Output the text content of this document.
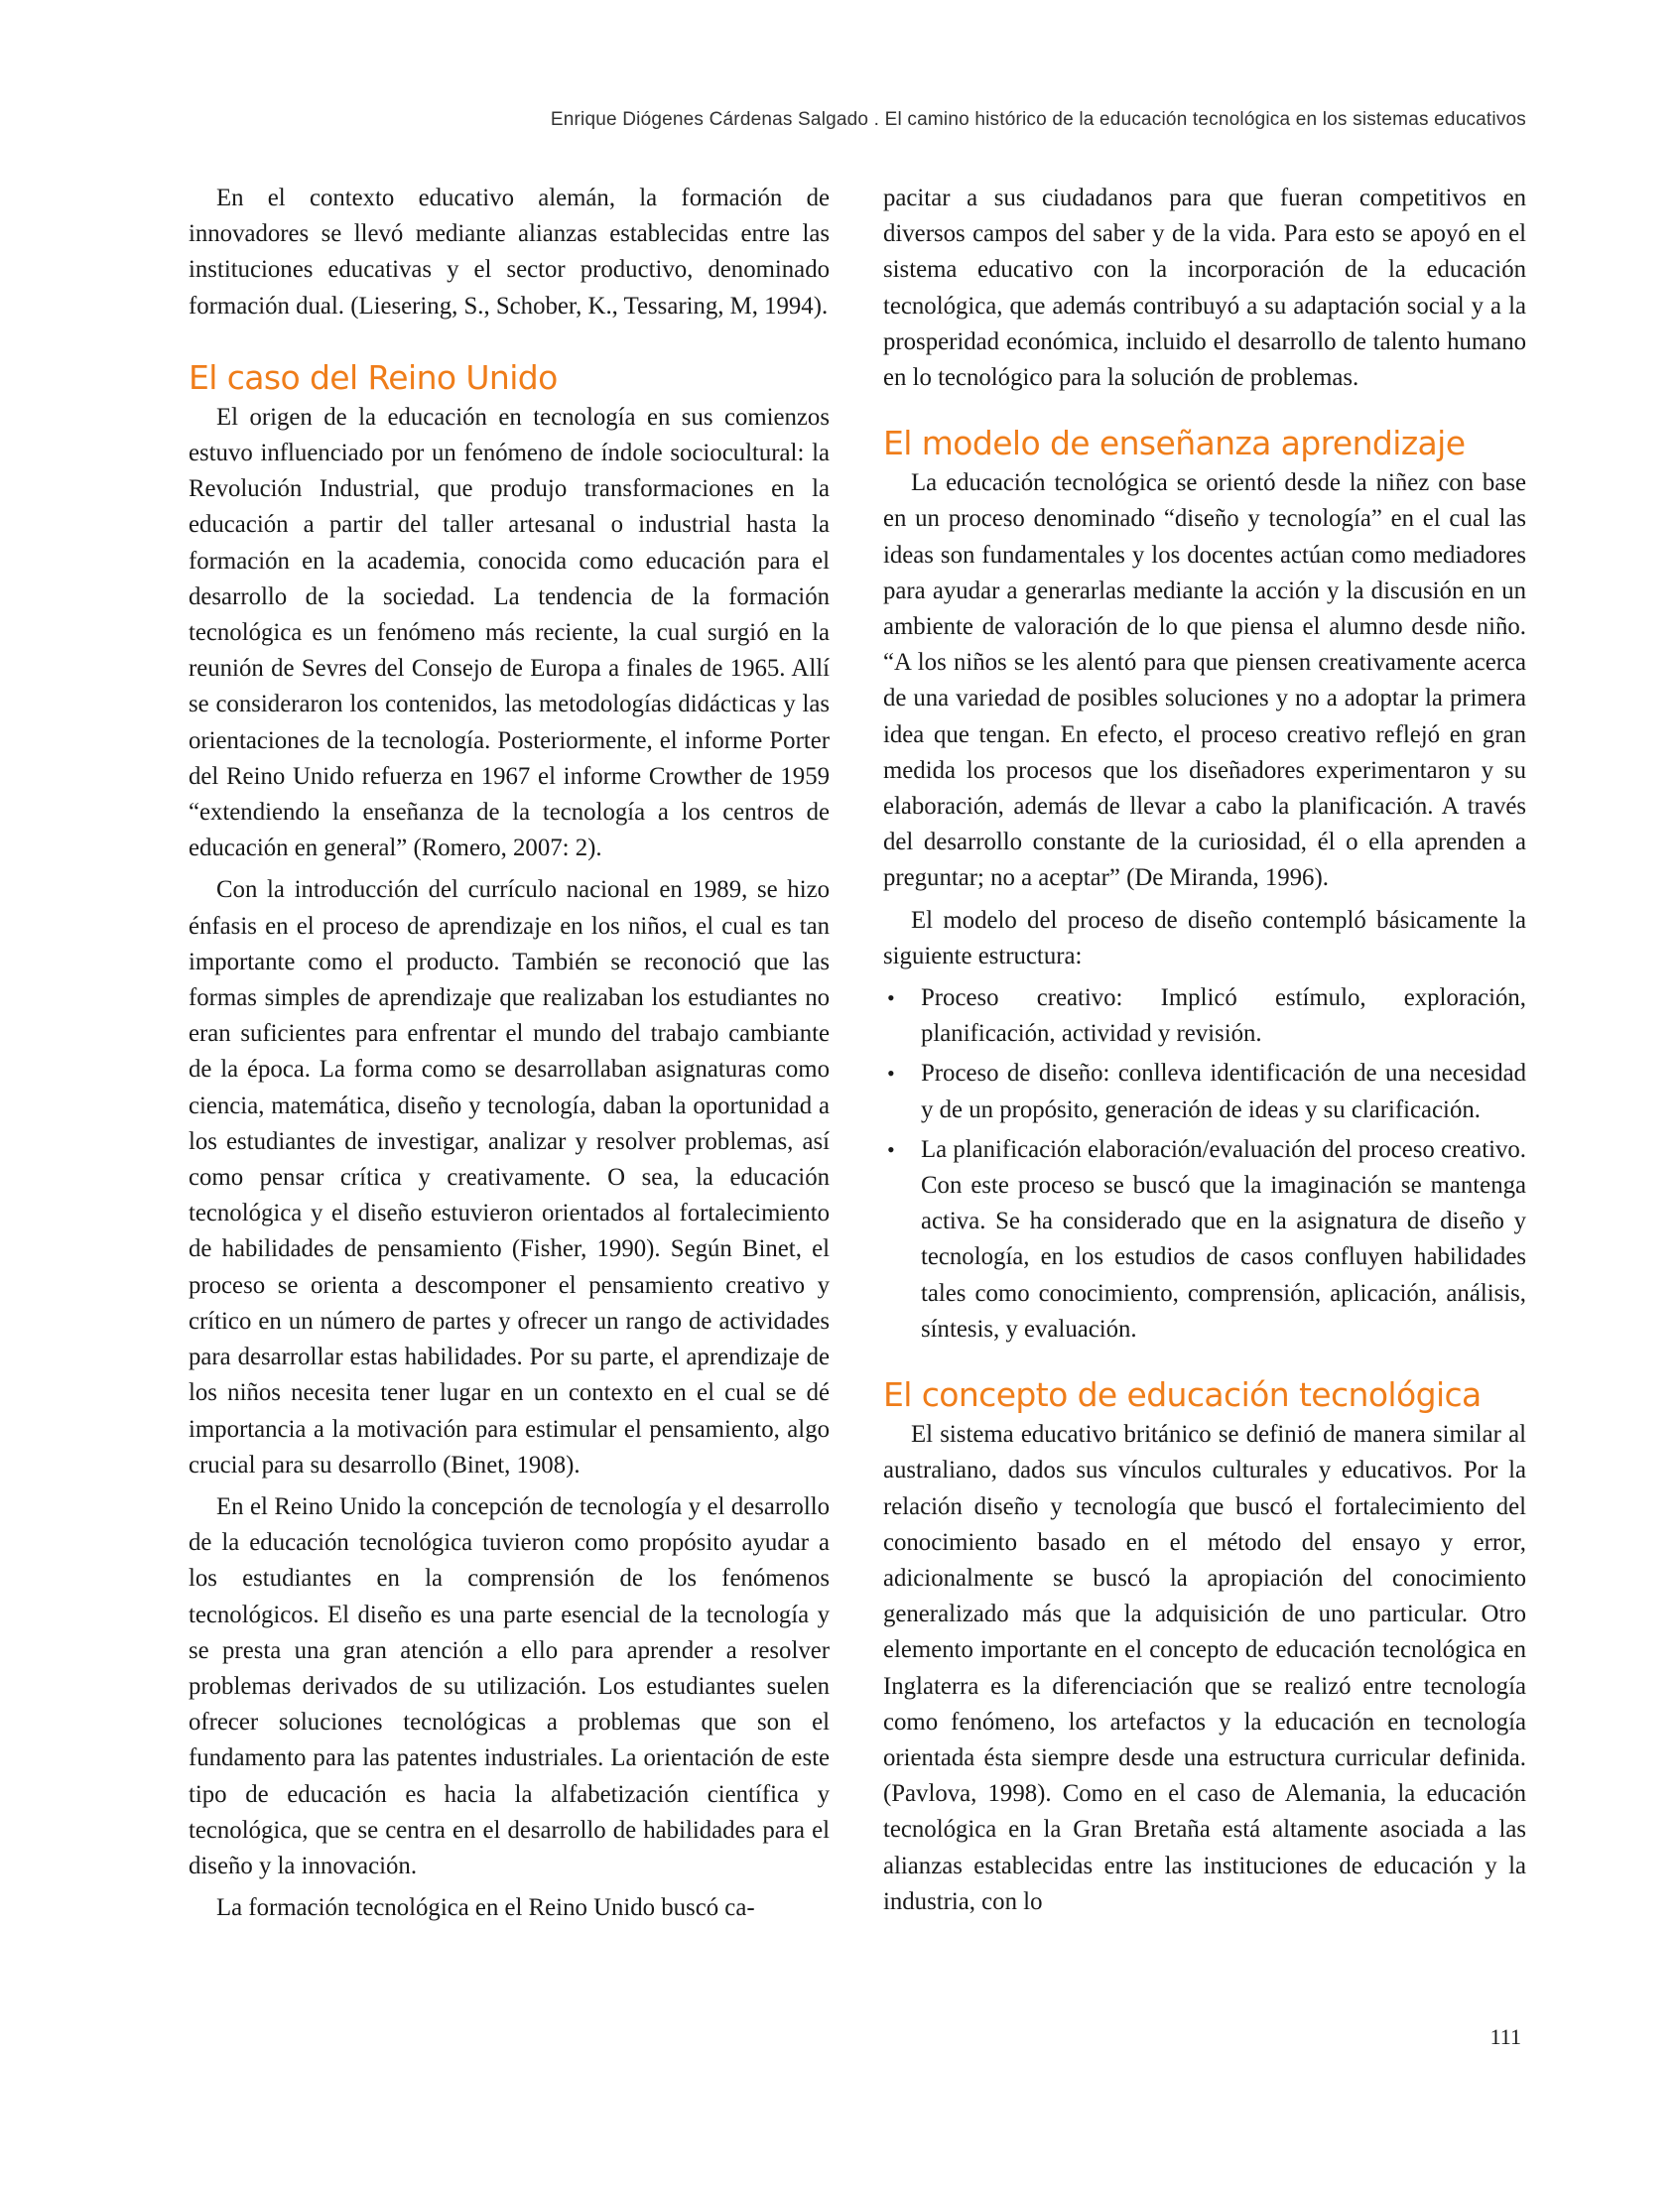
Enrique Diógenes Cárdenas Salgado . El camino histórico de la educación tecnológica en los sistemas educativos

En el contexto educativo alemán, la formación de innovadores se llevó mediante alianzas establecidas entre las instituciones educativas y el sector productivo, denominado formación dual. (Liesering, S., Schober, K., Tessaring, M, 1994).

El caso del Reino Unido

El origen de la educación en tecnología en sus comienzos estuvo influenciado por un fenómeno de índole sociocultural: la Revolución Industrial, que produjo transformaciones en la educación a partir del taller artesanal o industrial hasta la formación en la academia, conocida como educación para el desarrollo de la sociedad. La tendencia de la formación tecnológica es un fenómeno más reciente, la cual surgió en la reunión de Sevres del Consejo de Europa a finales de 1965. Allí se consideraron los contenidos, las metodologías didácticas y las orientaciones de la tecnología. Posteriormente, el informe Porter del Reino Unido refuerza en 1967 el informe Crowther de 1959 “extendiendo la enseñanza de la tecnología a los centros de educación en general” (Romero, 2007: 2).

Con la introducción del currículo nacional en 1989, se hizo énfasis en el proceso de aprendizaje en los niños, el cual es tan importante como el producto. También se reconoció que las formas simples de aprendizaje que realizaban los estudiantes no eran suficientes para enfrentar el mundo del trabajo cambiante de la época. La forma como se desarrollaban asignaturas como ciencia, matemática, diseño y tecnología, daban la oportunidad a los estudiantes de investigar, analizar y resolver problemas, así como pensar crítica y creativamente. O sea, la educación tecnológica y el diseño estuvieron orientados al fortalecimiento de habilidades de pensamiento (Fisher, 1990). Según Binet, el proceso se orienta a descomponer el pensamiento creativo y crítico en un número de partes y ofrecer un rango de actividades para desarrollar estas habilidades. Por su parte, el aprendizaje de los niños necesita tener lugar en un contexto en el cual se dé importancia a la motivación para estimular el pensamiento, algo crucial para su desarrollo (Binet, 1908).

En el Reino Unido la concepción de tecnología y el desarrollo de la educación tecnológica tuvieron como propósito ayudar a los estudiantes en la comprensión de los fenómenos tecnológicos. El diseño es una parte esencial de la tecnología y se presta una gran atención a ello para aprender a resolver problemas derivados de su utilización. Los estudiantes suelen ofrecer soluciones tecnológicas a problemas que son el fundamento para las patentes industriales. La orientación de este tipo de educación es hacia la alfabetización científica y tecnológica, que se centra en el desarrollo de habilidades para el diseño y la innovación.

La formación tecnológica en el Reino Unido buscó ca-

pacitar a sus ciudadanos para que fueran competitivos en diversos campos del saber y de la vida. Para esto se apoyó en el sistema educativo con la incorporación de la educación tecnológica, que además contribuyó a su adaptación social y a la prosperidad económica, incluido el desarrollo de talento humano en lo tecnológico para la solución de problemas.

El modelo de enseñanza aprendizaje

La educación tecnológica se orientó desde la niñez con base en un proceso denominado “diseño y tecnología” en el cual las ideas son fundamentales y los docentes actúan como mediadores para ayudar a generarlas mediante la acción y la discusión en un ambiente de valoración de lo que piensa el alumno desde niño. “A los niños se les alentó para que piensen creativamente acerca de una variedad de posibles soluciones y no a adoptar la primera idea que tengan. En efecto, el proceso creativo reflejó en gran medida los procesos que los diseñadores experimentaron y su elaboración, además de llevar a cabo la planificación. A través del desarrollo constante de la curiosidad, él o ella aprenden a preguntar; no a aceptar” (De Miranda, 1996).

El modelo del proceso de diseño contempló básicamente la siguiente estructura:

• Proceso creativo: Implicó estímulo, exploración, planificación, actividad y revisión.
• Proceso de diseño: conlleva identificación de una necesidad y de un propósito, generación de ideas y su clarificación.
• La planificación elaboración/evaluación del proceso creativo. Con este proceso se buscó que la imaginación se mantenga activa. Se ha considerado que en la asignatura de diseño y tecnología, en los estudios de casos confluyen habilidades tales como conocimiento, comprensión, aplicación, análisis, síntesis, y evaluación.
El concepto de educación tecnológica

El sistema educativo británico se definió de manera similar al australiano, dados sus vínculos culturales y educativos. Por la relación diseño y tecnología que buscó el fortalecimiento del conocimiento basado en el método del ensayo y error, adicionalmente se buscó la apropiación del conocimiento generalizado más que la adquisición de uno particular. Otro elemento importante en el concepto de educación tecnológica en Inglaterra es la diferenciación que se realizó entre tecnología como fenómeno, los artefactos y la educación en tecnología orientada ésta siempre desde una estructura curricular definida. (Pavlova, 1998). Como en el caso de Alemania, la educación tecnológica en la Gran Bretaña está altamente asociada a las alianzas establecidas entre las instituciones de educación y la industria, con lo

111
